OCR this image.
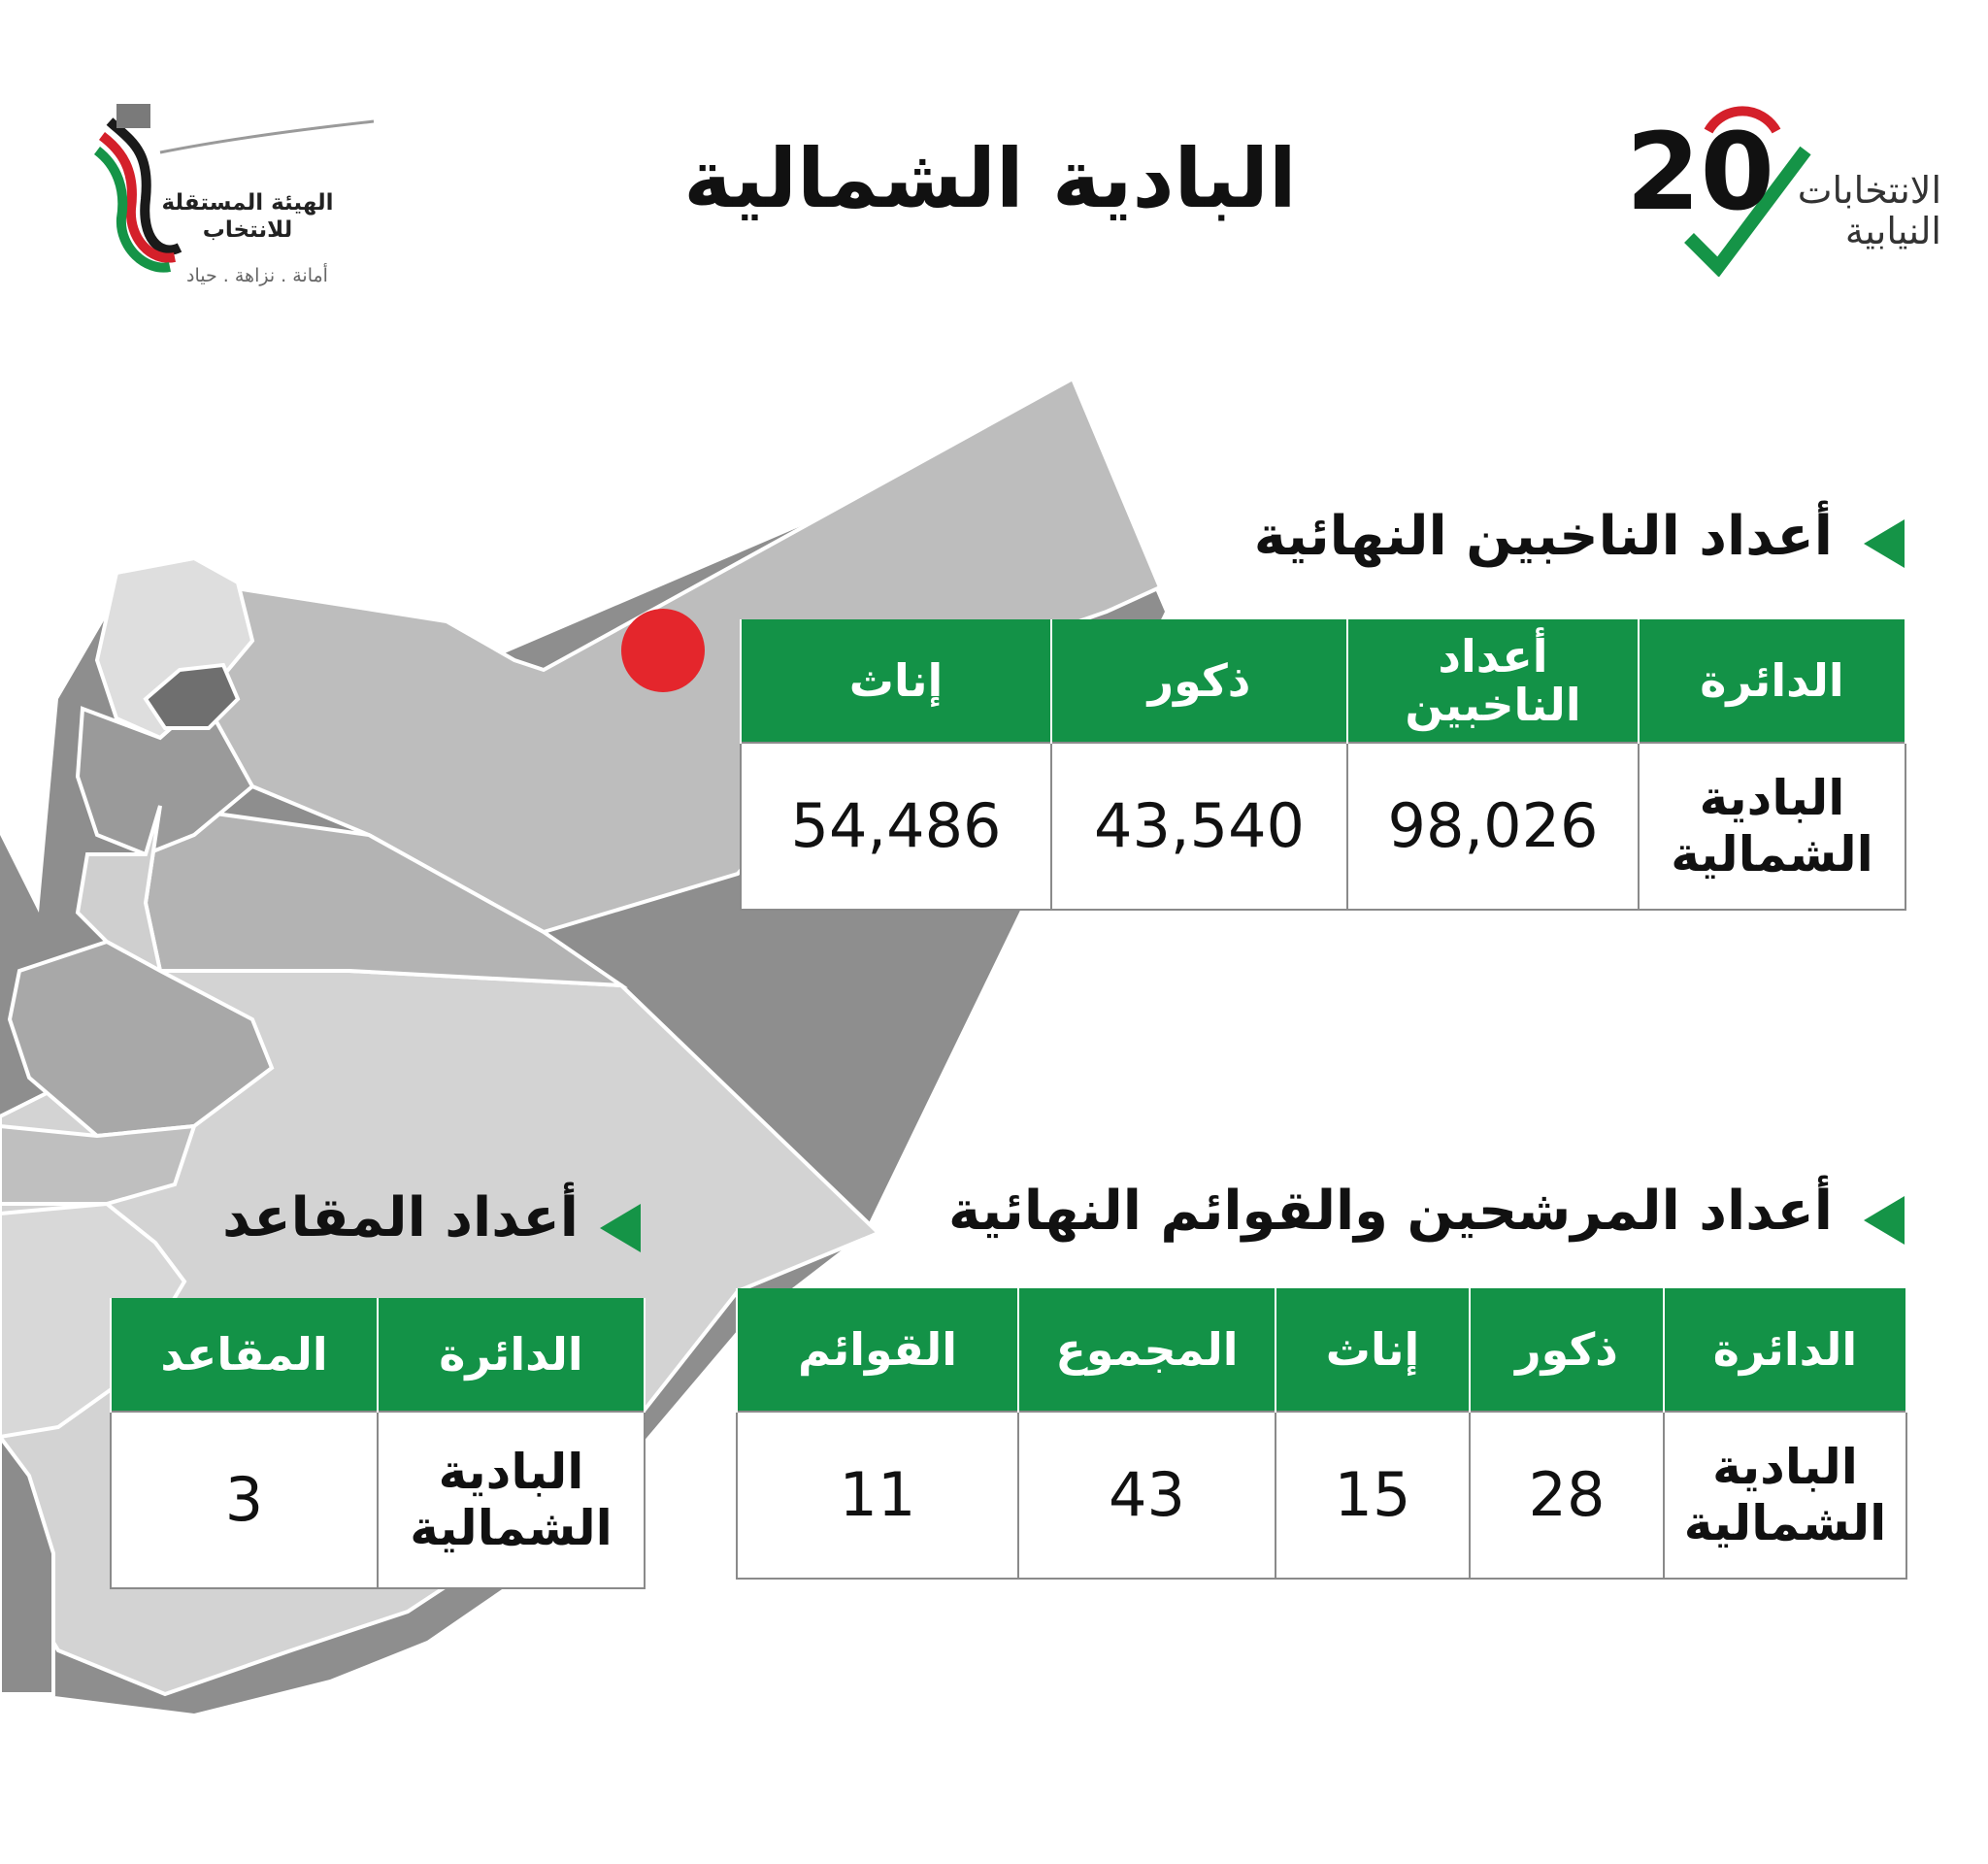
الهيئة المستقلة للانتخاب
أمانة . نزاهة . حياد
20 الانتخابات النيابية
البادية الشمالية
أعداد الناخبين النهائية
الدائرة	أعداد الناخبين	ذكور	إناث
البادية الشمالية	98,026	43,540	54,486
أعداد المرشحين والقوائم النهائية
الدائرة	ذكور	إناث	المجموع	القوائم
البادية الشمالية	28	15	43	11
أعداد المقاعد
الدائرة	المقاعد
البادية الشمالية	3
